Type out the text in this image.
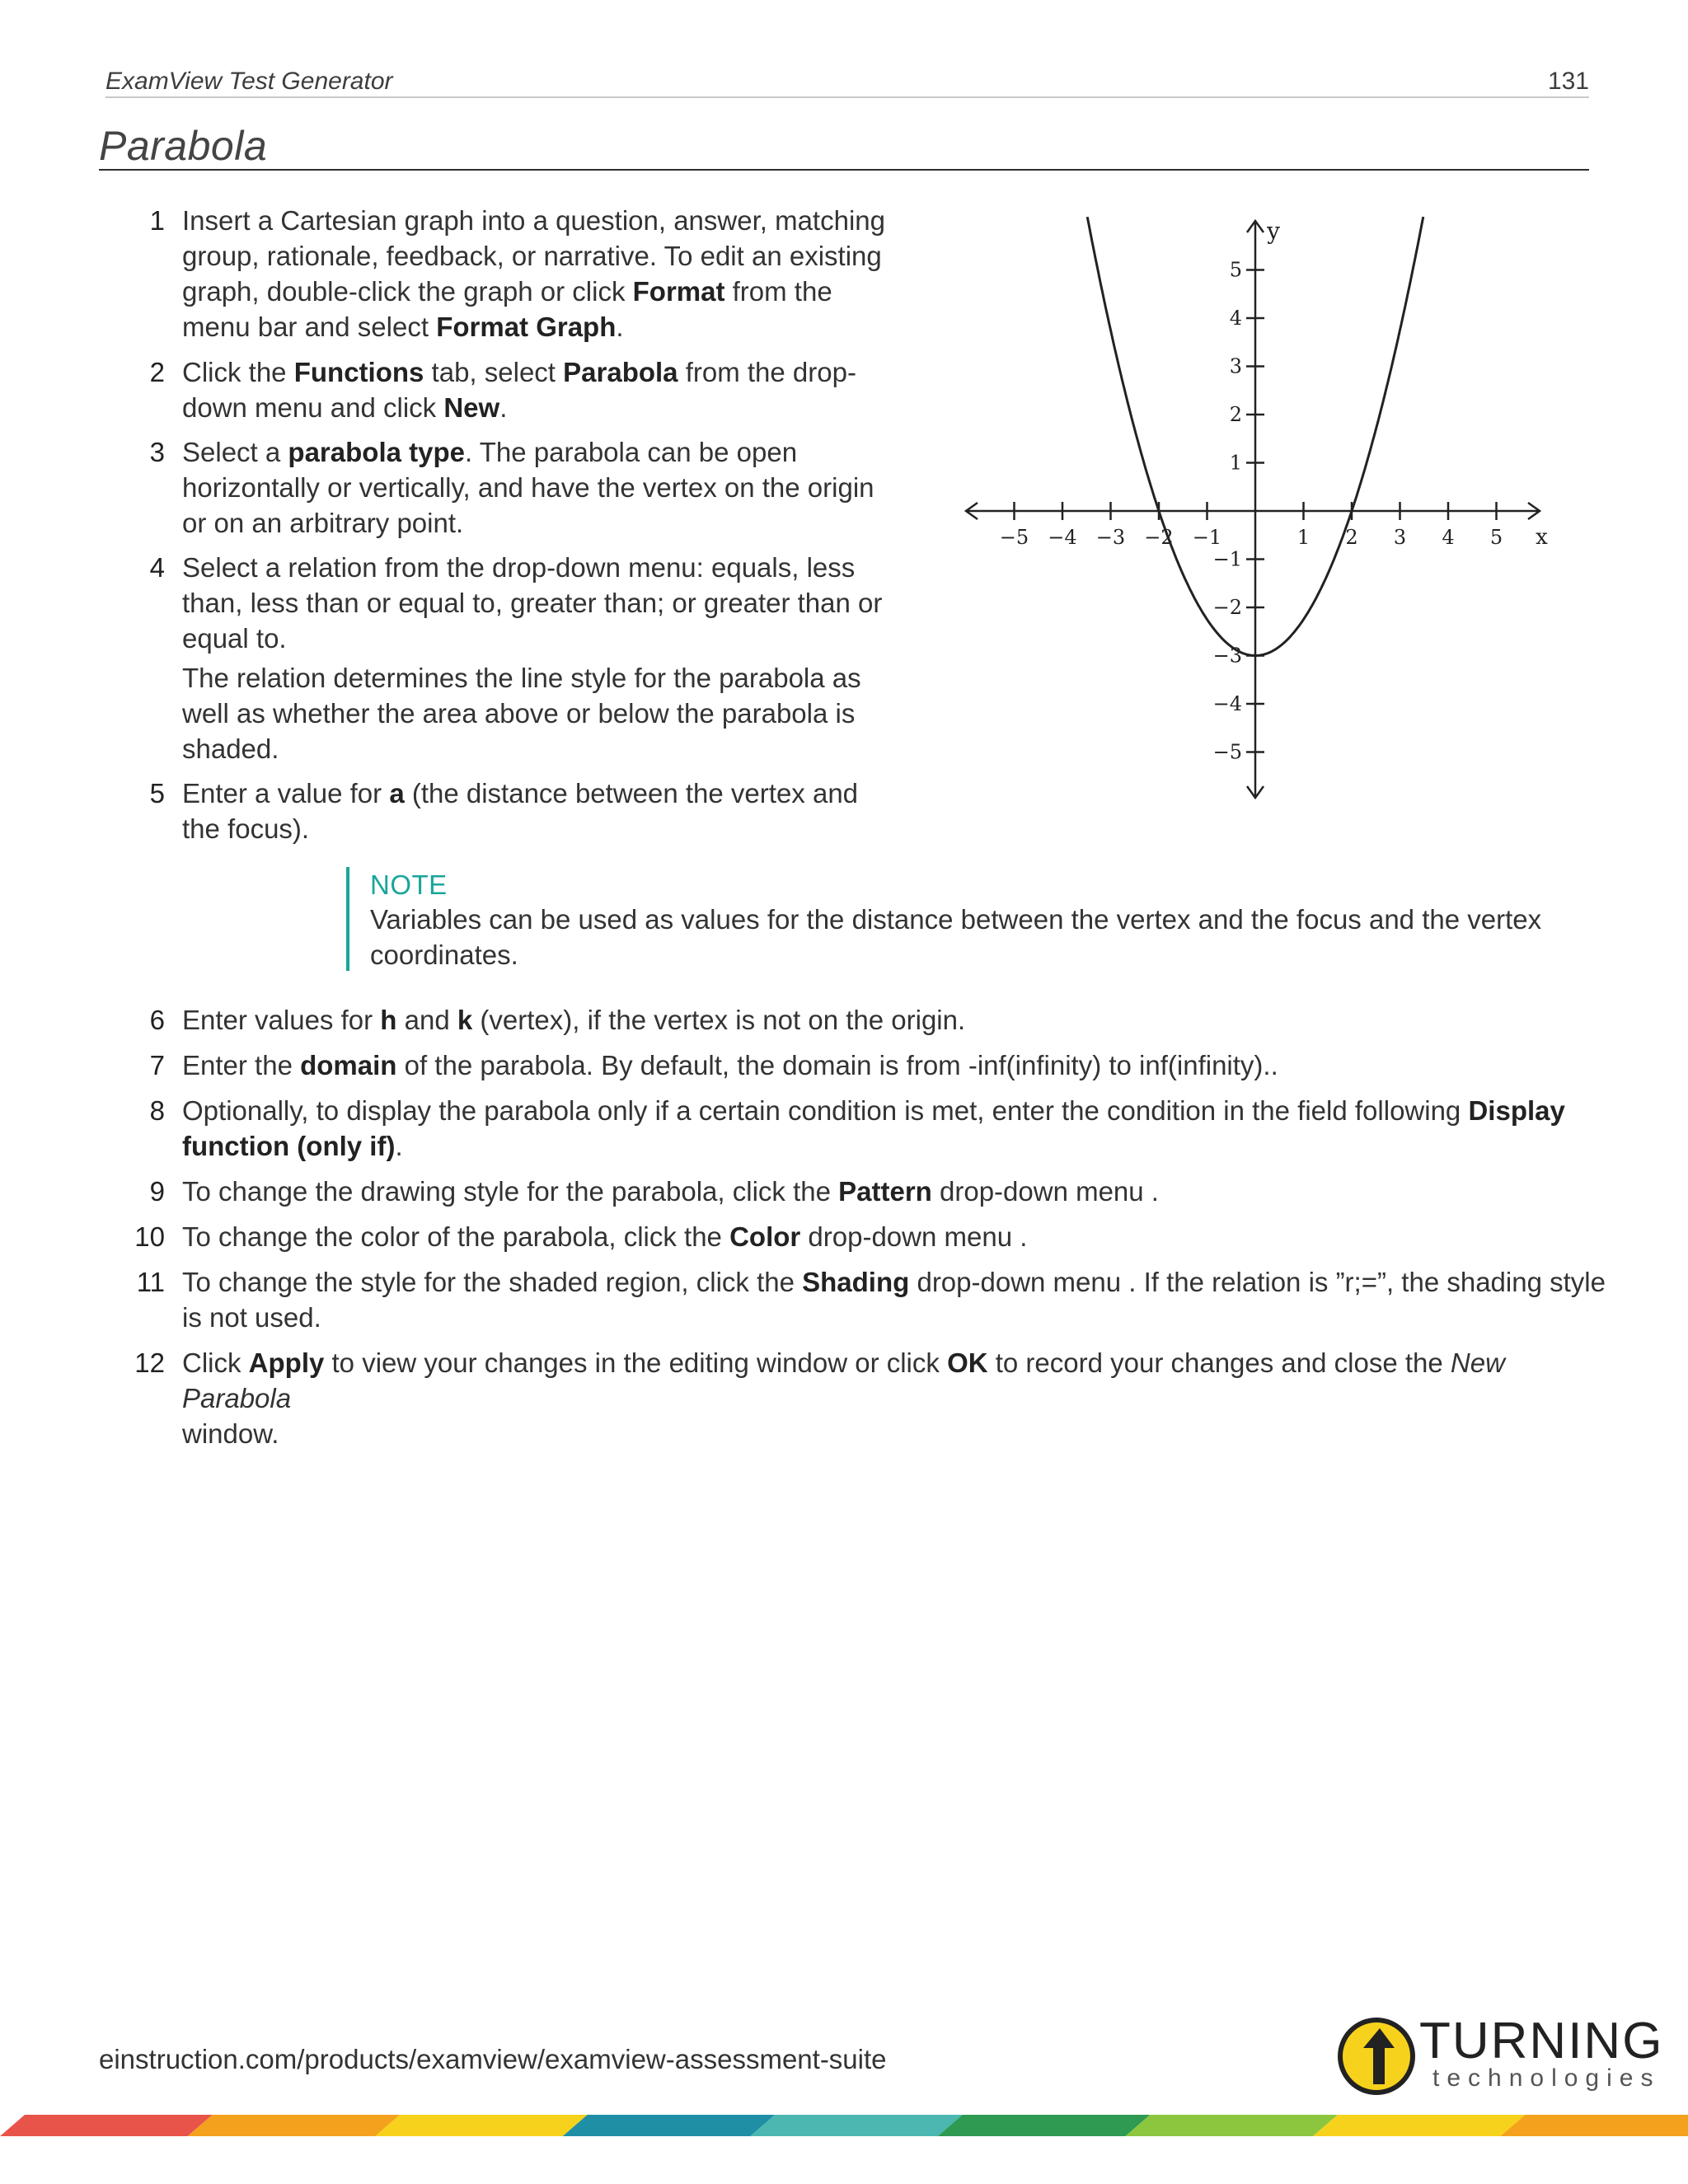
ExamView Test Generator	131
Parabola
1 Insert a Cartesian graph into a question, answer, matching
group, rationale, feedback, or narrative. To edit an existing
graph, double-click the graph or click Format from the
menu bar and select Format Graph.
2 Click the Functions tab, select Parabola from the drop-
down menu and click New.
3 Select a parabola type. The parabola can be open
horizontally or vertically, and have the vertex on the origin
or on an arbitrary point.
4 Select a relation from the drop-down menu: equals, less
than, less than or equal to, greater than; or greater than or
equal to.
The relation determines the line style for the parabola as
well as whether the area above or below the parabola is
shaded.
5 Enter a value for a (the distance between the vertex and
the focus).
NOTE
Variables can be used as values for the distance between the vertex and the focus and the vertex coordinates.
6 Enter values for h and k (vertex), if the vertex is not on the origin.
7 Enter the domain of the parabola. By default, the domain is from -inf(infinity) to inf(infinity)..
8 Optionally, to display the parabola only if a certain condition is met, enter the condition in the field following Display
function (only if).
9 To change the drawing style for the parabola, click the Pattern drop-down menu .
10 To change the color of the parabola, click the Color drop-down menu .
11 To change the style for the shaded region, click the Shading drop-down menu . If the relation is ”r;=”, the shading style
is not used.
12 Click Apply to view your changes in the editing window or click OK to record your changes and close the New Parabola
window.
−5 −4 −3 −2 −1	1 2 3 4 5
−5
−4
−3
−2
−1
1
2
3
4
5
x
y
einstruction.com/products/examview/examview-assessment-suite	TURNING
technologies
